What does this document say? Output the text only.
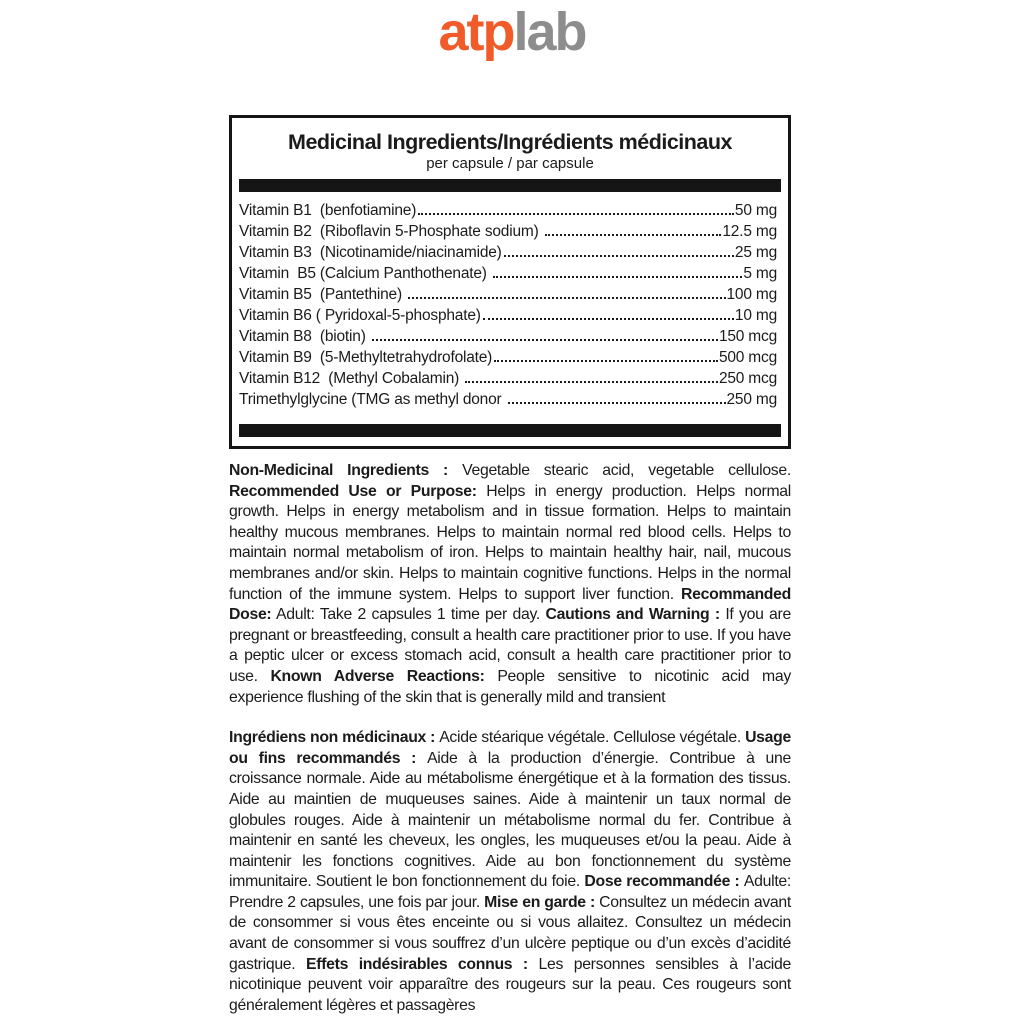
atplab
Medicinal Ingredients/Ingrédients médicinaux
per capsule / par capsule
Vitamin B1  (benfotiamine)	50 mg
Vitamin B2  (Riboflavin 5-Phosphate sodium)	12.5 mg
Vitamin B3  (Nicotinamide/niacinamide)	25 mg
Vitamin  B5 (Calcium Panthothenate)	5 mg
Vitamin B5  (Pantethine)	100 mg
Vitamin B6 ( Pyridoxal-5-phosphate)	10 mg
Vitamin B8  (biotin)	150 mcg
Vitamin B9  (5-Methyltetrahydrofolate)	500 mcg
Vitamin B12  (Methyl Cobalamin)	250 mcg
Trimethylglycine (TMG as methyl donor	250 mg

Non-Medicinal Ingredients : Vegetable stearic acid, vegetable cellulose. Recommended Use or Purpose: Helps in energy production. Helps normal growth. Helps in energy metabolism and in tissue formation. Helps to maintain healthy mucous membranes. Helps to maintain normal red blood cells. Helps to maintain normal metabolism of iron. Helps to maintain healthy hair, nail, mucous membranes and/or skin. Helps to maintain cognitive functions. Helps in the normal function of the immune system. Helps to support liver function. Recommanded Dose: Adult: Take 2 capsules 1 time per day. Cautions and Warning : If you are pregnant or breastfeeding, consult a health care practitioner prior to use. If you have a peptic ulcer or excess stomach acid, consult a health care practitioner prior to use. Known Adverse Reactions: People sensitive to nicotinic acid may experience flushing of the skin that is generally mild and transient

Ingrédiens non médicinaux : Acide stéarique végétale. Cellulose végétale. Usage ou fins recommandés : Aide à la production d’énergie. Contribue à une croissance normale. Aide au métabolisme énergétique et à la formation des tissus. Aide au maintien de muqueuses saines. Aide à maintenir un taux normal de globules rouges. Aide à maintenir un métabolisme normal du fer. Contribue à maintenir en santé les cheveux, les ongles, les muqueuses et/ou la peau. Aide à maintenir les fonctions cognitives. Aide au bon fonctionnement du système immunitaire. Soutient le bon fonctionnement du foie. Dose recommandée : Adulte: Prendre 2 capsules, une fois par jour. Mise en garde : Consultez un médecin avant de consommer si vous êtes enceinte ou si vous allaitez. Consultez un médecin avant de consommer si vous souffrez d’un ulcère peptique ou d’un excès d’acidité gastrique. Effets indésirables connus : Les personnes sensibles à l’acide nicotinique peuvent voir apparaître des rougeurs sur la peau. Ces rougeurs sont généralement légères et passagères
